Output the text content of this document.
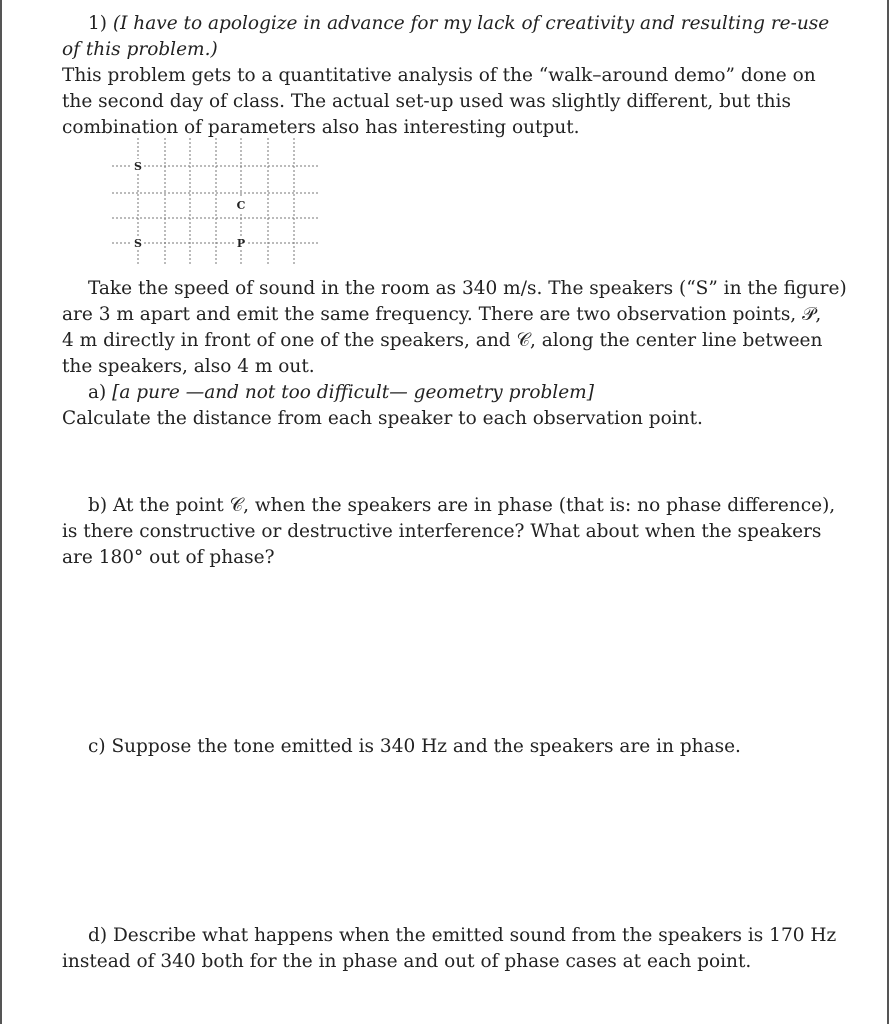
1) (I have to apologize in advance for my lack of creativity and resulting re-use
of this problem.)
This problem gets to a quantitative analysis of the “walk–around demo” done on
the second day of class. The actual set-up used was slightly different, but this
combination of parameters also has interesting output.
S
C
S	P
Take the speed of sound in the room as 340 m/s. The speakers (“S” in the figure)
are 3 m apart and emit the same frequency. There are two observation points, 𝒫,
4 m directly in front of one of the speakers, and 𝒞, along the center line between
the speakers, also 4 m out.
a) [a pure —and not too difficult— geometry problem]
Calculate the distance from each speaker to each observation point.
b) At the point 𝒞, when the speakers are in phase (that is: no phase difference),
is there constructive or destructive interference? What about when the speakers
are 180° out of phase?
c) Suppose the tone emitted is 340 Hz and the speakers are in phase.
d) Describe what happens when the emitted sound from the speakers is 170 Hz
instead of 340 both for the in phase and out of phase cases at each point.
